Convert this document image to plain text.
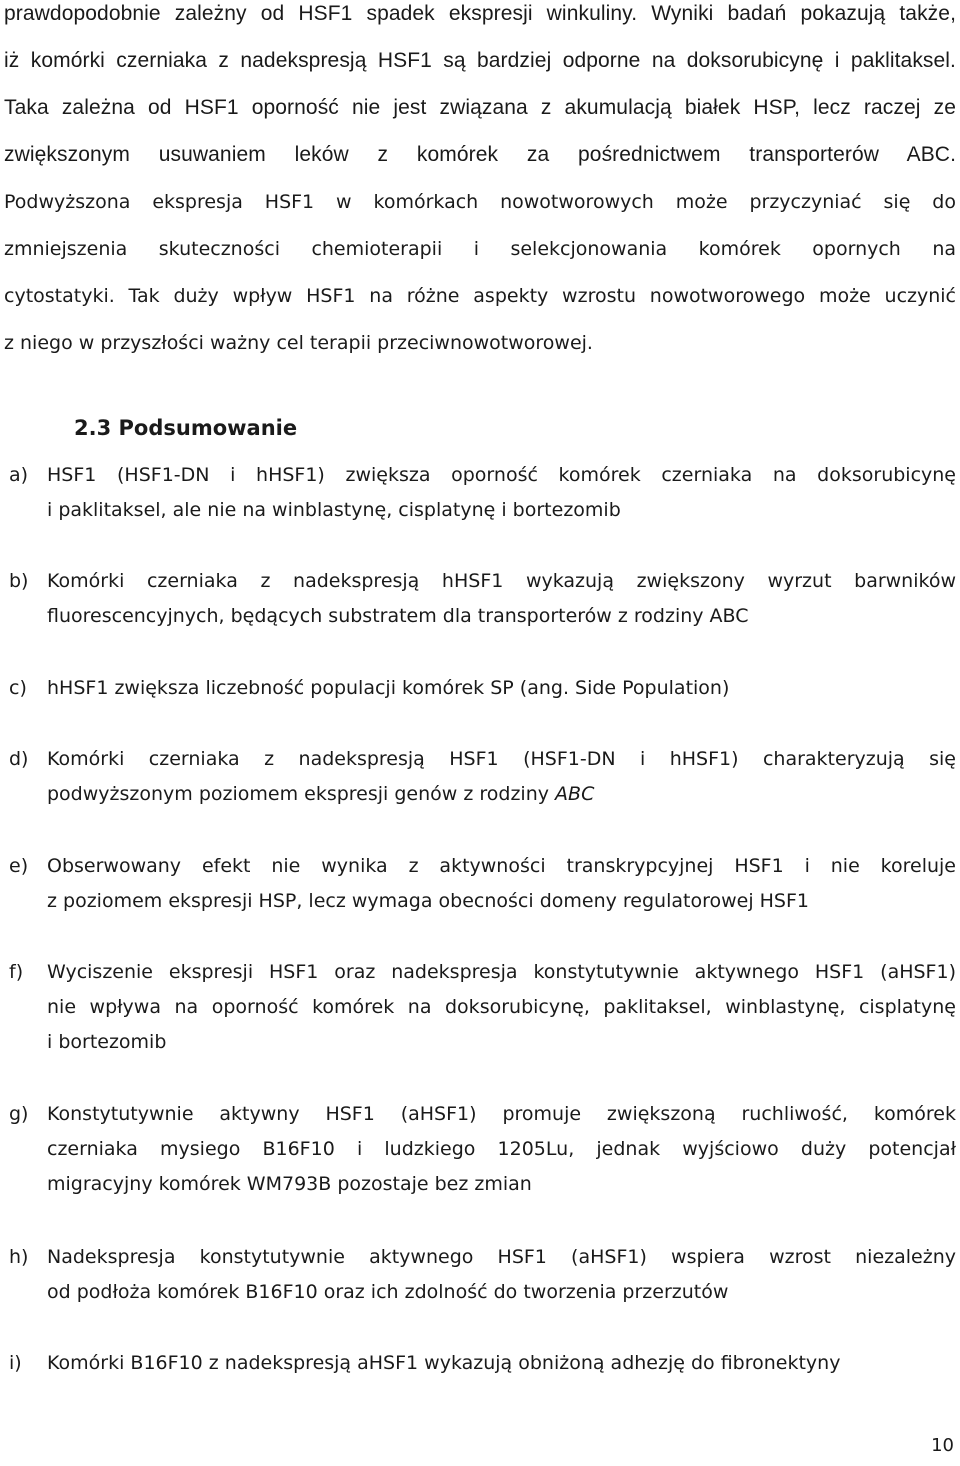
prawdopodobnie zależny od HSF1 spadek ekspresji winkuliny. Wyniki badań pokazują także,
iż komórki czerniaka z nadekspresją HSF1 są bardziej odporne na doksorubicynę i paklitaksel.
Taka zależna od HSF1 oporność nie jest związana z akumulacją białek HSP, lecz raczej ze
zwiększonym usuwaniem leków z komórek za pośrednictwem transporterów ABC.
Podwyższona ekspresja HSF1 w komórkach nowotworowych może przyczyniać się do
zmniejszenia skuteczności chemioterapii i selekcjonowania komórek opornych na
cytostatyki. Tak duży wpływ HSF1 na różne aspekty wzrostu nowotworowego może uczynić
z niego w przyszłości ważny cel terapii przeciwnowotworowej.
2.3 Podsumowanie
a) HSF1 (HSF1-DN i hHSF1) zwiększa oporność komórek czerniaka na doksorubicynę
i paklitaksel, ale nie na winblastynę, cisplatynę i bortezomib
b) Komórki czerniaka z nadekspresją hHSF1 wykazują zwiększony wyrzut barwników
fluorescencyjnych, będących substratem dla transporterów z rodziny ABC
c) hHSF1 zwiększa liczebność populacji komórek SP (ang. Side Population)
d) Komórki czerniaka z nadekspresją HSF1 (HSF1-DN i hHSF1) charakteryzują się
podwyższonym poziomem ekspresji genów z rodziny ABC
e) Obserwowany efekt nie wynika z aktywności transkrypcyjnej HSF1 i nie koreluje
z poziomem ekspresji HSP, lecz wymaga obecności domeny regulatorowej HSF1
f) Wyciszenie ekspresji HSF1 oraz nadekspresja konstytutywnie aktywnego HSF1 (aHSF1)
nie wpływa na oporność komórek na doksorubicynę, paklitaksel, winblastynę, cisplatynę
i bortezomib
g) Konstytutywnie aktywny HSF1 (aHSF1) promuje zwiększoną ruchliwość, komórek
czerniaka mysiego B16F10 i ludzkiego 1205Lu, jednak wyjściowo duży potencjał
migracyjny komórek WM793B pozostaje bez zmian
h) Nadekspresja konstytutywnie aktywnego HSF1 (aHSF1) wspiera wzrost niezależny
od podłoża komórek B16F10 oraz ich zdolność do tworzenia przerzutów
i) Komórki B16F10 z nadekspresją aHSF1 wykazują obniżoną adhezję do fibronektyny
10
